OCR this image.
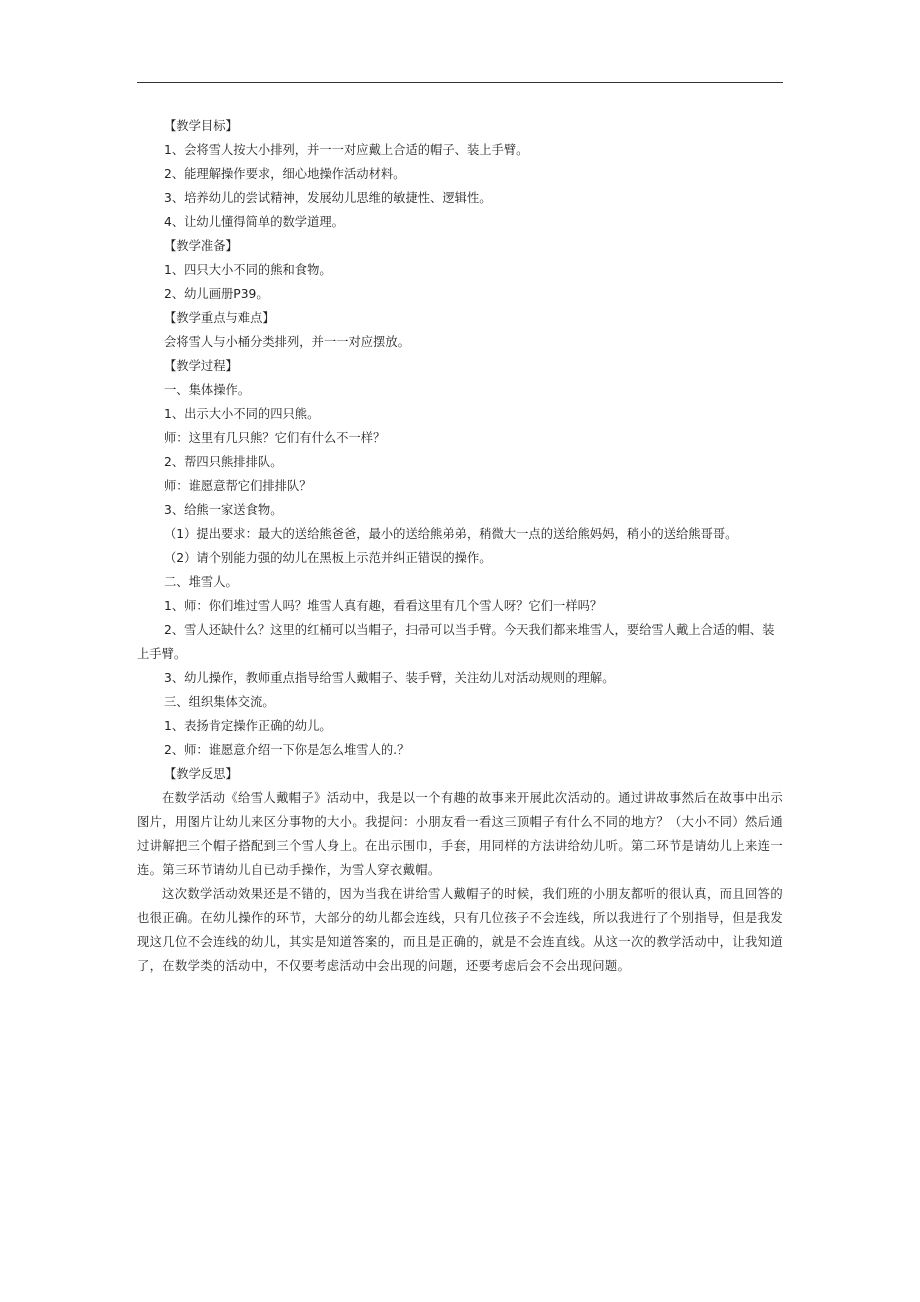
【教学目标】
1、会将雪人按大小排列，并一一对应戴上合适的帽子、装上手臂。
2、能理解操作要求，细心地操作活动材料。
3、培养幼儿的尝试精神，发展幼儿思维的敏捷性、逻辑性。
4、让幼儿懂得简单的数学道理。
【教学准备】
1、四只大小不同的熊和食物。
2、幼儿画册P39。
【教学重点与难点】
会将雪人与小桶分类排列，并一一对应摆放。
【教学过程】
一、集体操作。
1、出示大小不同的四只熊。
师：这里有几只熊？它们有什么不一样？
2、帮四只熊排排队。
师：谁愿意帮它们排排队？
3、给熊一家送食物。
（1）提出要求：最大的送给熊爸爸，最小的送给熊弟弟，稍微大一点的送给熊妈妈，稍小的送给熊哥哥。
（2）请个别能力强的幼儿在黑板上示范并纠正错误的操作。
二、堆雪人。
1、师：你们堆过雪人吗？堆雪人真有趣，看看这里有几个雪人呀？它们一样吗？
2、雪人还缺什么？这里的红桶可以当帽子，扫帚可以当手臂。今天我们都来堆雪人，要给雪人戴上合适的帽、装
上手臂。
3、幼儿操作，教师重点指导给雪人戴帽子、装手臂，关注幼儿对活动规则的理解。
三、组织集体交流。
1、表扬肯定操作正确的幼儿。
2、师：谁愿意介绍一下你是怎么堆雪人的.？
【教学反思】

在数学活动《给雪人戴帽子》活动中，我是以一个有趣的故事来开展此次活动的。通过讲故事然后在故事中出示图片，用图片让幼儿来区分事物的大小。我提问：小朋友看一看这三顶帽子有什么不同的地方？（大小不同）然后通过讲解把三个帽子搭配到三个雪人身上。在出示围巾，手套，用同样的方法讲给幼儿听。第二环节是请幼儿上来连一连。第三环节请幼儿自已动手操作，为雪人穿衣戴帽。

这次数学活动效果还是不错的，因为当我在讲给雪人戴帽子的时候，我们班的小朋友都听的很认真，而且回答的也很正确。在幼儿操作的环节，大部分的幼儿都会连线，只有几位孩子不会连线，所以我进行了个别指导，但是我发现这几位不会连线的幼儿，其实是知道答案的，而且是正确的，就是不会连直线。从这一次的教学活动中，让我知道了，在数学类的活动中，不仅要考虑活动中会出现的问题，还要考虑后会不会出现问题。
